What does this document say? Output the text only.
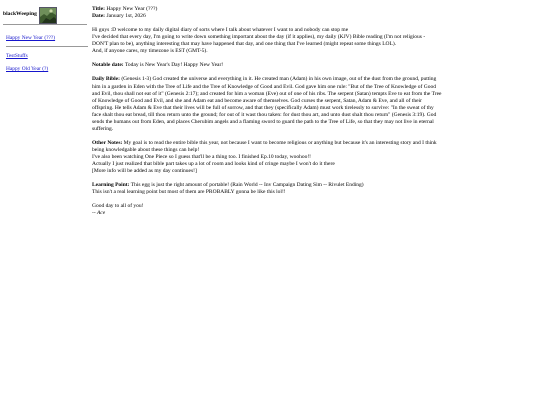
blackWeeping
Happy New Year (???)
TestStuffs
Happy Old Year (?)
Title: Happy New Year (???)
Date: January 1st, 2026
Hi guys :D welcome to my daily digital diary of sorts where I talk about whatever I want to and nobody can stop me
I've decided that every day, I'm going to write down something important about the day (if it applies), my daily (KJV) Bible reading (I'm not religious - DON'T plan to be), anything interesting that may have happened that day, and one thing that I've learned (might repeat some things LOL).
And, if anyone cares, my timezone is EST (GMT-5).
Notable date: Today is New Year's Day! Happy New Year!
Daily Bible: (Genesis 1-3) God created the universe and everything in it. He created man (Adam) in his own image, out of the dust from the ground, putting him in a garden in Eden with the Tree of Life and the Tree of Knowledge of Good and Evil. God gave him one rule: "But of the Tree of Knowledge of Good and Evil, thou shall not eat of it" (Genesis 2:17); and created for him a woman (Eve) out of one of his ribs. The serpent (Satan) tempts Eve to eat from the Tree of Knowledge of Good and Evil, and she and Adam eat and become aware of themselves. God curses the serpent, Satan, Adam & Eve, and all of their offspring. He tells Adam & Eve that their lives will be full of sorrow, and that they (specifically Adam) must work tirelessly to survive: "In the sweat of thy face shalt thou eat bread, till thou return unto the ground; for out of it wast thou taken: for dust thou art, and unto dust shalt thou return" (Genesis 3:19). God sends the humans out from Eden, and places Cherubim angels and a flaming sword to guard the path to the Tree of Life, so that they may not live in eternal suffering.
Other Notes: My goal is to read the entire bible this year, not because I want to become religious or anything but because it's an interesting story and I think being knowledgable about these things can help!
I've also been watching One Piece so I guess that'll be a thing too. I finished Ep.10 today, woohoo!!
Actually I just realized that bible part takes up a lot of room and looks kind of cringe maybe I won't do it there
[More info will be added as my day continues!]
Learning Point: This egg is just the right amount of portable! (Rain World -- Inv Campaign Dating Sim -- Rivulet Ending)
This isn't a real learning point but most of them are PROBABLY gonna be like this lol!!
Good day to all of you!
-- Ace
